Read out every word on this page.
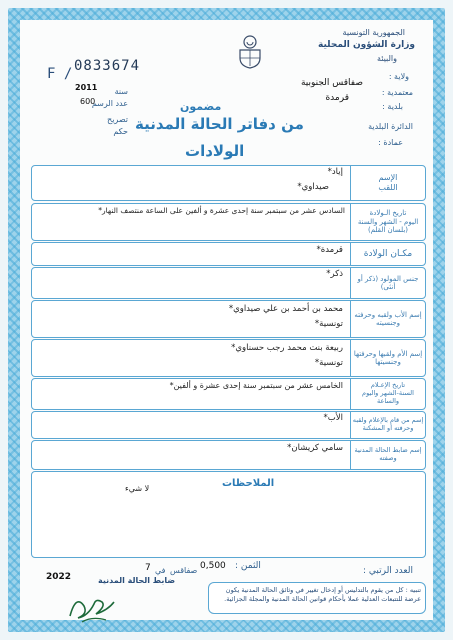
الجمهورية التونسية
وزارة الشؤون المحلية
والبيئة
ولاية :
صفاقس الجنوبية
معتمدية :
قرمدة
بلدية :
الدائرة البلدية
عمادة :
F / 0833674
2011
600
سنة
عدد الرسم
تصريح
حكم
مضمون
من دفاتر الحالة المدنية
الولادات
الإسم
اللقب
إياد*
صيداوي*
تاريخ الـولادة
اليوم - الشهر والسنة
(بلسان القلم)
السادس عشر من سبتمبر سنة إحدى عشرة و ألفين على الساعة منتصف النهار*
مكـان الولادة
قرمدة*
جنس المولود (ذكر أو أنثى)
ذكر*
إسم الأب ولقبه وحرفته
وجنسيته
محمد بن أحمد بن علي صيداوي*
تونسية*
إسم الأم ولقبها وحرفتها
وجنسيتها
ربيعة بنت محمد رجب حسناوي*
تونسية*
تاريخ الإعـلام
السنة-الشهر واليوم والساعة
الخامس عشر من سبتمبر سنة إحدى عشرة و ألفين*
إسم من قام بالإعلام ولقبه
وحرفته أو المشكنة
الأب*
إسم ضابط الحالة المدنية
وصفته
سامي كريشان*
الملاحظات
لا شيء
العدد الرتبي :
الثمن :
0,500
صفاقس
في
7
2022	ضابط الحالة المدنية
تنبيه : كل من يقوم بالتدليس أو إدخال تغيير في وثائق الحالة المدنية يكون عرضة للتتبعات العدلية عملا بأحكام قوانين الحالة المدنية والمجلة الجزائية.
